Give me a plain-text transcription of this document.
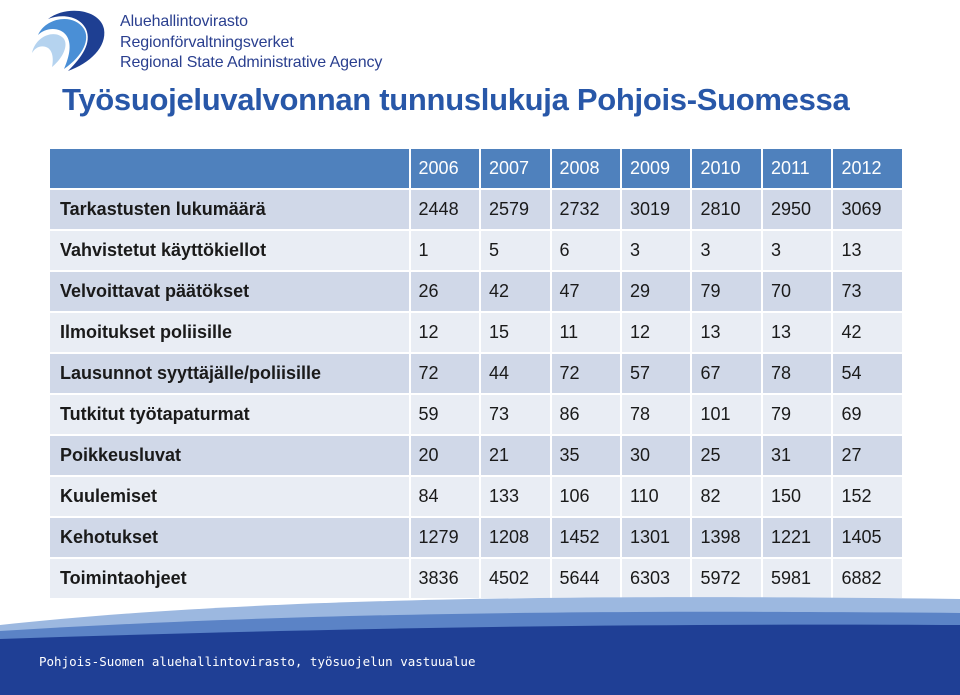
Aluehallintovirasto
Regionförvaltningsverket
Regional State Administrative Agency
Työsuojeluvalvonnan tunnuslukuja Pohjois-Suomessa
	2006	2007	2008	2009	2010	2011	2012
Tarkastusten lukumäärä	2448	2579	2732	3019	2810	2950	3069
Vahvistetut käyttökiellot	1	5	6	3	3	3	13
Velvoittavat päätökset	26	42	47	29	79	70	73
Ilmoitukset poliisille	12	15	11	12	13	13	42
Lausunnot syyttäjälle/poliisille	72	44	72	57	67	78	54
Tutkitut työtapaturmat	59	73	86	78	101	79	69
Poikkeusluvat	20	21	35	30	25	31	27
Kuulemiset	84	133	106	110	82	150	152
Kehotukset	1279	1208	1452	1301	1398	1221	1405
Toimintaohjeet	3836	4502	5644	6303	5972	5981	6882
Pohjois-Suomen aluehallintovirasto, työsuojelun vastuualue
